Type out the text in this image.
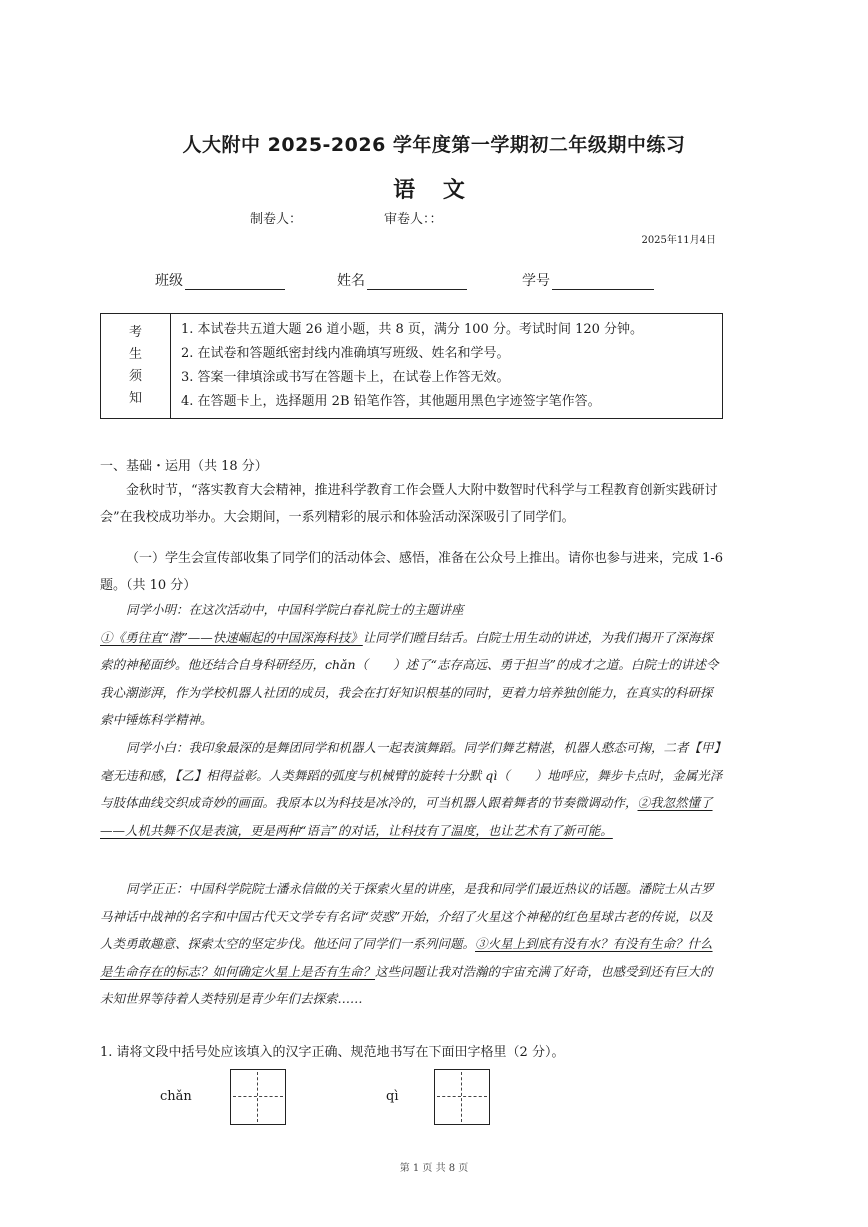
人大附中 2025-2026 学年度第一学期初二年级期中练习
语 文
制卷人：	审卷人：：
2025年11月4日
班级	姓名	学号
考
生
须
知

1. 本试卷共五道大题 26 道小题，共 8 页，满分 100 分。考试时间 120 分钟。
2. 在试卷和答题纸密封线内准确填写班级、姓名和学号。
3. 答案一律填涂或书写在答题卡上，在试卷上作答无效。
4. 在答题卡上，选择题用 2B 铅笔作答，其他题用黑色字迹签字笔作答。
一、基础・运用（共 18 分）
金秋时节，“落实教育大会精神，推进科学教育工作会暨人大附中数智时代科学与工程教育创新实践研讨会”在我校成功举办。大会期间，一系列精彩的展示和体验活动深深吸引了同学们。
（一）学生会宣传部收集了同学们的活动体会、感悟，准备在公众号上推出。请你也参与进来，完成 1-6 题。（共 10 分）
同学小明：在这次活动中，中国科学院白春礼院士的主题讲座①《勇往直“潜”——快速崛起的中国深海科技》让同学们瞠目结舌。白院士用生动的讲述，为我们揭开了深海探索的神秘面纱。他还结合自身科研经历，chǎn（　　）述了“志存高远、勇于担当”的成才之道。白院士的讲述令我心潮澎湃，作为学校机器人社团的成员，我会在打好知识根基的同时，更着力培养独创能力，在真实的科研探索中锤炼科学精神。
同学小白：我印象最深的是舞团同学和机器人一起表演舞蹈。同学们舞艺精湛，机器人憨态可掬，二者【甲】毫无违和感，【乙】相得益彰。人类舞蹈的弧度与机械臂的旋转十分默 qì（　　）地呼应，舞步卡点时，金属光泽与肢体曲线交织成奇妙的画面。我原本以为科技是冰冷的，可当机器人跟着舞者的节奏微调动作，②我忽然懂了——人机共舞不仅是表演，更是两种“语言”的对话，让科技有了温度，也让艺术有了新可能。
同学正正：中国科学院院士潘永信做的关于探索火星的讲座，是我和同学们最近热议的话题。潘院士从古罗马神话中战神的名字和中国古代天文学专有名词“荧惑”开始，介绍了火星这个神秘的红色星球古老的传说，以及人类勇敢趣意、探索太空的坚定步伐。他还问了同学们一系列问题。③火星上到底有没有水？有没有生命？什么是生命存在的标志？如何确定火星上是否有生命？这些问题让我对浩瀚的宇宙充满了好奇，也感受到还有巨大的未知世界等待着人类特别是青少年们去探索……
1. 请将文段中括号处应该填入的汉字正确、规范地书写在下面田字格里（2 分）。
chǎn	qì
第 1 页 共 8 页
